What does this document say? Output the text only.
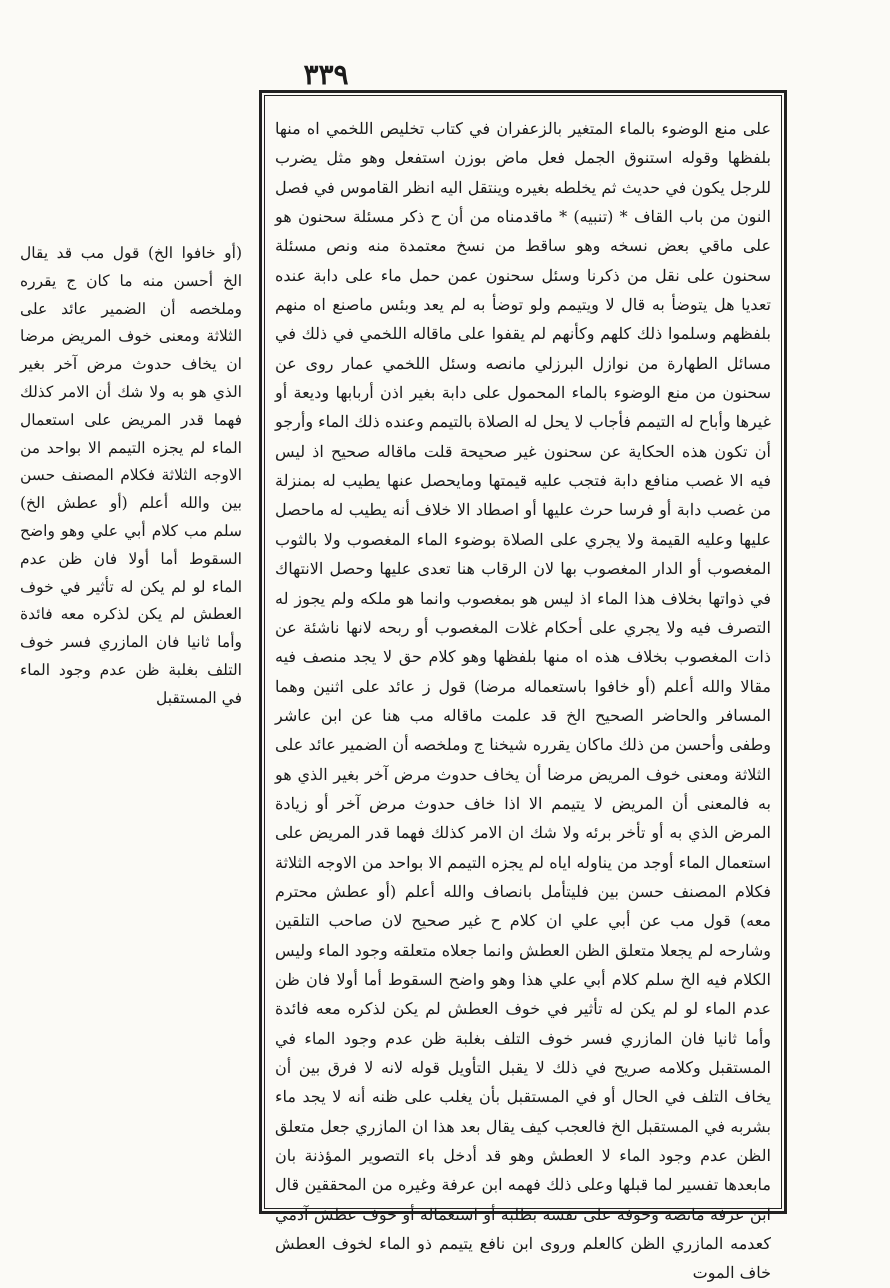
٣٣٩

على منع الوضوء بالماء المتغير بالزعفران في كتاب تخليص اللخمي اه منها بلفظها وقوله استنوق الجمل فعل ماض بوزن استفعل وهو مثل يضرب للرجل يكون في حديث ثم يخلطه بغيره وينتقل اليه انظر القاموس في فصل النون من باب القاف * (تنبيه) * ماقدمناه من أن ح ذكر مسئلة سحنون هو على ماقي بعض نسخه وهو ساقط من نسخ معتمدة منه ونص مسئلة سحنون على نقل من ذكرنا وسئل سحنون عمن حمل ماء على دابة عنده تعديا هل يتوضأ به قال لا ويتيمم ولو توضأ به لم يعد وبئس ماصنع اه منهم بلفظهم وسلموا ذلك كلهم وكأنهم لم يقفوا على ماقاله اللخمي في ذلك في مسائل الطهارة من نوازل البرزلي مانصه وسئل اللخمي عمار روى عن سحنون من منع الوضوء بالماء المحمول على دابة بغير اذن أربابها وديعة أو غيرها وأباح له التيمم فأجاب لا يحل له الصلاة بالتيمم وعنده ذلك الماء وأرجو أن تكون هذه الحكاية عن سحنون غير صحيحة قلت ماقاله صحيح اذ ليس فيه الا غصب منافع دابة فتجب عليه قيمتها ومايحصل عنها يطيب له بمنزلة من غصب دابة أو فرسا حرث عليها أو اصطاد الا خلاف أنه يطيب له ماحصل عليها وعليه القيمة ولا يجري على الصلاة بوضوء الماء المغصوب ولا بالثوب المغصوب أو الدار المغصوب بها لان الرقاب هنا تعدى عليها وحصل الانتهاك في ذواتها بخلاف هذا الماء اذ ليس هو بمغصوب وانما هو ملكه ولم يجوز له التصرف فيه ولا يجري على أحكام غلات المغصوب أو ربحه لانها ناشئة عن ذات المغصوب بخلاف هذه اه منها بلفظها وهو كلام حق لا يجد منصف فيه مقالا والله أعلم (أو خافوا باستعماله مرضا) قول ز عائد على اثنين وهما المسافر والحاضر الصحيح الخ قد علمت ماقاله مب هنا عن ابن عاشر وطفى وأحسن من ذلك ماكان يقرره شيخنا ج وملخصه أن الضمير عائد على الثلاثة ومعنى خوف المريض مرضا أن يخاف حدوث مرض آخر بغير الذي هو به فالمعنى أن المريض لا يتيمم الا اذا خاف حدوث مرض آخر أو زيادة المرض الذي به أو تأخر برئه ولا شك ان الامر كذلك فهما قدر المريض على استعمال الماء أوجد من يناوله اياه لم يجزه التيمم الا بواحد من الاوجه الثلاثة فكلام المصنف حسن بين فليتأمل بانصاف والله أعلم (أو عطش محترم معه) قول مب عن أبي علي ان كلام ح غير صحيح لان صاحب التلقين وشارحه لم يجعلا متعلق الظن العطش وانما جعلاه متعلقه وجود الماء وليس الكلام فيه الخ سلم كلام أبي علي هذا وهو واضح السقوط أما أولا فان ظن عدم الماء لو لم يكن له تأثير في خوف العطش لم يكن لذكره معه فائدة وأما ثانيا فان المازري فسر خوف التلف بغلبة ظن عدم وجود الماء في المستقبل وكلامه صريح في ذلك لا يقبل التأويل قوله لانه لا فرق بين أن يخاف التلف في الحال أو في المستقبل بأن يغلب على ظنه أنه لا يجد ماء بشربه في المستقبل الخ فالعجب كيف يقال بعد هذا ان المازري جعل متعلق الظن عدم وجود الماء لا العطش وهو قد أدخل باء التصوير المؤذنة بان مابعدها تفسير لما قبلها وعلى ذلك فهمه ابن عرفة وغيره من المحققين قال ابن عرفة مانصه وخوفه على نفسه بطلبه أو استعماله أو خوف عطش آدمي كعدمه المازري الظن كالعلم وروى ابن نافع يتيمم ذو الماء لخوف العطش خاف الموت

(أو خافوا الخ) قول مب قد يقال الخ أحسن منه ما كان ج يقرره وملخصه أن الضمير عائد على الثلاثة ومعنى خوف المريض مرضا ان يخاف حدوث مرض آخر بغير الذي هو به ولا شك أن الامر كذلك فهما قدر المريض على استعمال الماء لم يجزه التيمم الا بواحد من الاوجه الثلاثة فكلام المصنف حسن بين والله أعلم (أو عطش الخ) سلم مب كلام أبي علي وهو واضح السقوط أما أولا فان ظن عدم الماء لو لم يكن له تأثير في خوف العطش لم يكن لذكره معه فائدة وأما ثانيا فان المازري فسر خوف التلف بغلبة ظن عدم وجود الماء في المستقبل
